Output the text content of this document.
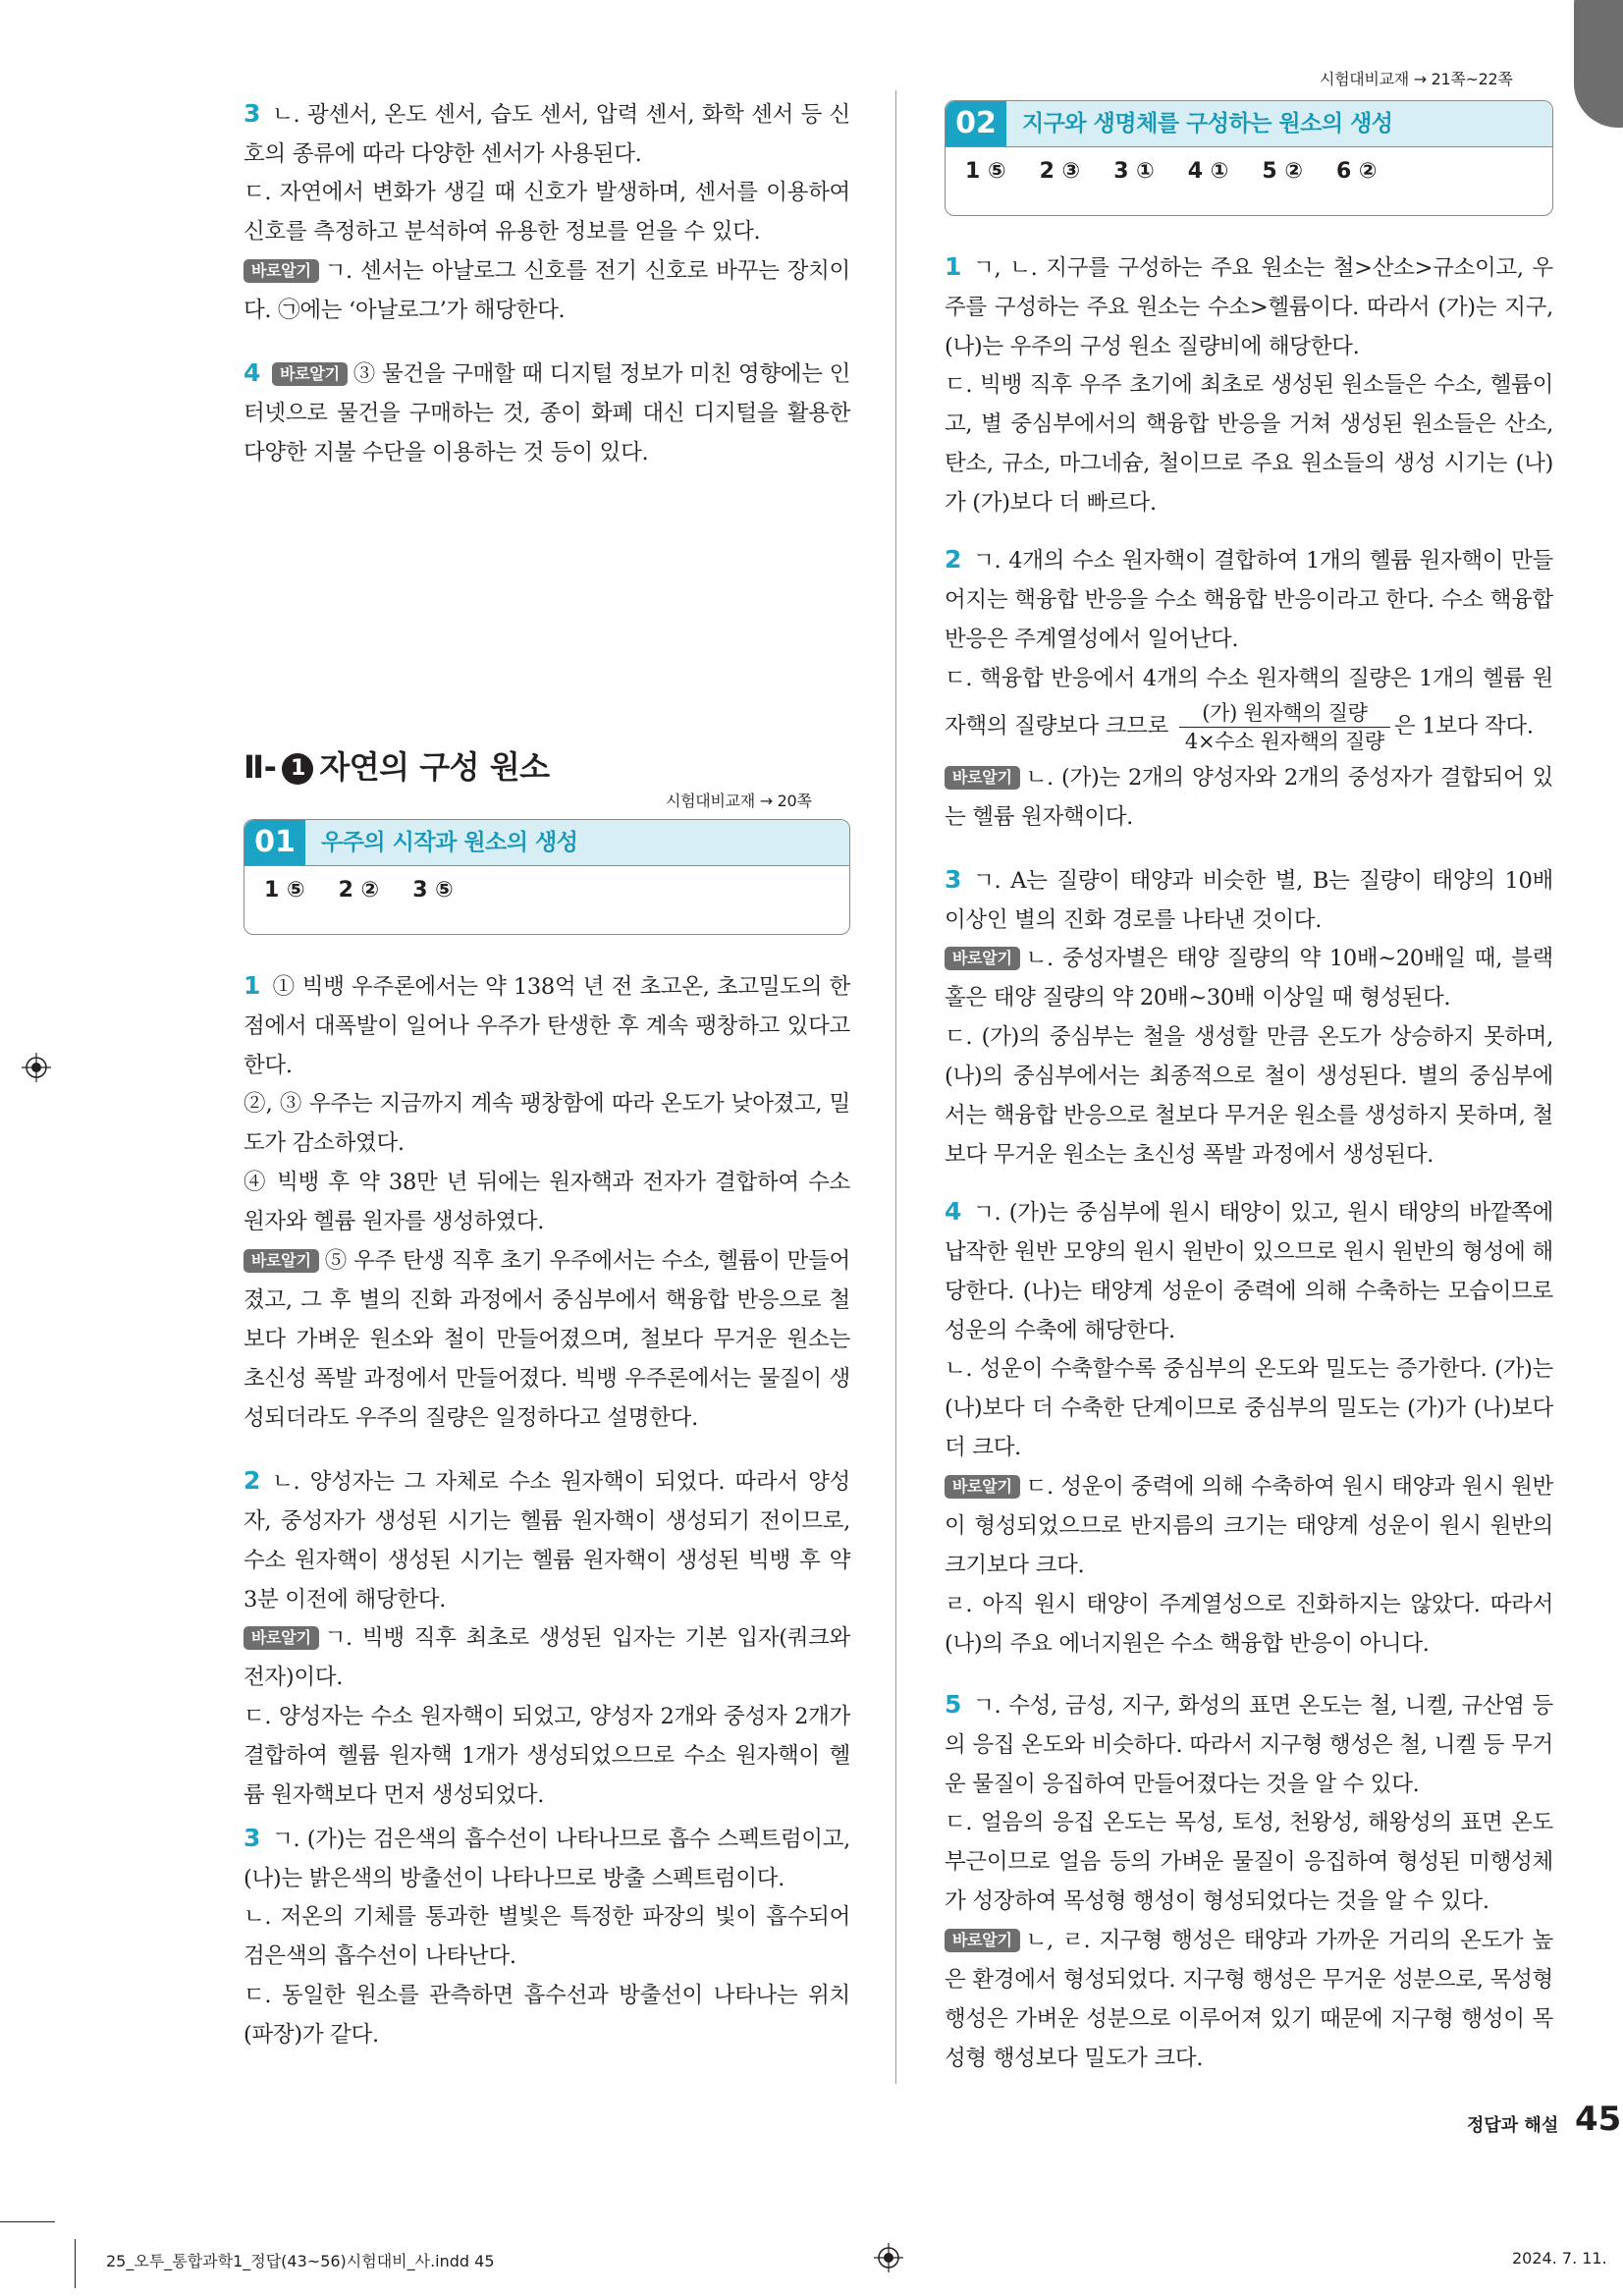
시험대비교재 → 21쪽~22쪽

3 ㄴ. 광센서, 온도 센서, 습도 센서, 압력 센서, 화학 센서 등 신호의 종류에 따라 다양한 센서가 사용된다.

ㄷ. 자연에서 변화가 생길 때 신호가 발생하며, 센서를 이용하여 신호를 측정하고 분석하여 유용한 정보를 얻을 수 있다.

바로알기 ㄱ. 센서는 아날로그 신호를 전기 신호로 바꾸는 장치이다. ㉠에는 ‘아날로그’가 해당한다.

4 바로알기 ③ 물건을 구매할 때 디지털 정보가 미친 영향에는 인터넷으로 물건을 구매하는 것, 종이 화폐 대신 디지털을 활용한 다양한 지불 수단을 이용하는 것 등이 있다.

Ⅱ- 1 자연의 구성 원소
시험대비교재 → 20쪽
01	우주의 시작과 원소의 생성
1 ⑤ 2 ② 3 ⑤

1 ① 빅뱅 우주론에서는 약 138억 년 전 초고온, 초고밀도의 한 점에서 대폭발이 일어나 우주가 탄생한 후 계속 팽창하고 있다고 한다.

②, ③ 우주는 지금까지 계속 팽창함에 따라 온도가 낮아졌고, 밀도가 감소하였다.

④ 빅뱅 후 약 38만 년 뒤에는 원자핵과 전자가 결합하여 수소 원자와 헬륨 원자를 생성하였다.

바로알기 ⑤ 우주 탄생 직후 초기 우주에서는 수소, 헬륨이 만들어졌고, 그 후 별의 진화 과정에서 중심부에서 핵융합 반응으로 철보다 가벼운 원소와 철이 만들어졌으며, 철보다 무거운 원소는 초신성 폭발 과정에서 만들어졌다. 빅뱅 우주론에서는 물질이 생성되더라도 우주의 질량은 일정하다고 설명한다.

2 ㄴ. 양성자는 그 자체로 수소 원자핵이 되었다. 따라서 양성자, 중성자가 생성된 시기는 헬륨 원자핵이 생성되기 전이므로, 수소 원자핵이 생성된 시기는 헬륨 원자핵이 생성된 빅뱅 후 약 3분 이전에 해당한다.

바로알기 ㄱ. 빅뱅 직후 최초로 생성된 입자는 기본 입자(쿼크와 전자)이다.

ㄷ. 양성자는 수소 원자핵이 되었고, 양성자 2개와 중성자 2개가 결합하여 헬륨 원자핵 1개가 생성되었으므로 수소 원자핵이 헬륨 원자핵보다 먼저 생성되었다.

3 ㄱ. (가)는 검은색의 흡수선이 나타나므로 흡수 스펙트럼이고, (나)는 밝은색의 방출선이 나타나므로 방출 스펙트럼이다.

ㄴ. 저온의 기체를 통과한 별빛은 특정한 파장의 빛이 흡수되어 검은색의 흡수선이 나타난다.

ㄷ. 동일한 원소를 관측하면 흡수선과 방출선이 나타나는 위치(파장)가 같다.

02	지구와 생명체를 구성하는 원소의 생성
1 ⑤ 2 ③ 3 ① 4 ① 5 ② 6 ②

1 ㄱ, ㄴ. 지구를 구성하는 주요 원소는 철>산소>규소이고, 우주를 구성하는 주요 원소는 수소>헬륨이다. 따라서 (가)는 지구, (나)는 우주의 구성 원소 질량비에 해당한다.

ㄷ. 빅뱅 직후 우주 초기에 최초로 생성된 원소들은 수소, 헬륨이고, 별 중심부에서의 핵융합 반응을 거쳐 생성된 원소들은 산소, 탄소, 규소, 마그네슘, 철이므로 주요 원소들의 생성 시기는 (나)가 (가)보다 더 빠르다.

2 ㄱ. 4개의 수소 원자핵이 결합하여 1개의 헬륨 원자핵이 만들어지는 핵융합 반응을 수소 핵융합 반응이라고 한다. 수소 핵융합 반응은 주계열성에서 일어난다.

ㄷ. 핵융합 반응에서 4개의 수소 원자핵의 질량은 1개의 헬륨 원자핵의 질량보다 크므로 $\frac{\text{(가) 원자핵의 질량}}{\text{4×수소 원자핵의 질량}}$ 은 1보다 작다.

바로알기 ㄴ. (가)는 2개의 양성자와 2개의 중성자가 결합되어 있는 헬륨 원자핵이다.

3 ㄱ. A는 질량이 태양과 비슷한 별, B는 질량이 태양의 10배 이상인 별의 진화 경로를 나타낸 것이다.

바로알기 ㄴ. 중성자별은 태양 질량의 약 10배~20배일 때, 블랙홀은 태양 질량의 약 20배~30배 이상일 때 형성된다.

ㄷ. (가)의 중심부는 철을 생성할 만큼 온도가 상승하지 못하며, (나)의 중심부에서는 최종적으로 철이 생성된다. 별의 중심부에서는 핵융합 반응으로 철보다 무거운 원소를 생성하지 못하며, 철보다 무거운 원소는 초신성 폭발 과정에서 생성된다.

4 ㄱ. (가)는 중심부에 원시 태양이 있고, 원시 태양의 바깥쪽에 납작한 원반 모양의 원시 원반이 있으므로 원시 원반의 형성에 해당한다. (나)는 태양계 성운이 중력에 의해 수축하는 모습이므로 성운의 수축에 해당한다.

ㄴ. 성운이 수축할수록 중심부의 온도와 밀도는 증가한다. (가)는 (나)보다 더 수축한 단계이므로 중심부의 밀도는 (가)가 (나)보다 더 크다.

바로알기 ㄷ. 성운이 중력에 의해 수축하여 원시 태양과 원시 원반이 형성되었으므로 반지름의 크기는 태양계 성운이 원시 원반의 크기보다 크다.

ㄹ. 아직 원시 태양이 주계열성으로 진화하지는 않았다. 따라서 (나)의 주요 에너지원은 수소 핵융합 반응이 아니다.

5 ㄱ. 수성, 금성, 지구, 화성의 표면 온도는 철, 니켈, 규산염 등의 응집 온도와 비슷하다. 따라서 지구형 행성은 철, 니켈 등 무거운 물질이 응집하여 만들어졌다는 것을 알 수 있다.

ㄷ. 얼음의 응집 온도는 목성, 토성, 천왕성, 해왕성의 표면 온도 부근이므로 얼음 등의 가벼운 물질이 응집하여 형성된 미행성체가 성장하여 목성형 행성이 형성되었다는 것을 알 수 있다.

바로알기 ㄴ, ㄹ. 지구형 행성은 태양과 가까운 거리의 온도가 높은 환경에서 형성되었다. 지구형 행성은 무거운 성분으로, 목성형 행성은 가벼운 성분으로 이루어져 있기 때문에 지구형 행성이 목성형 행성보다 밀도가 크다.

정답과 해설 45
25_오투_통합과학1_정답(43~56)시험대비_사.indd 45	2024. 7. 11.
